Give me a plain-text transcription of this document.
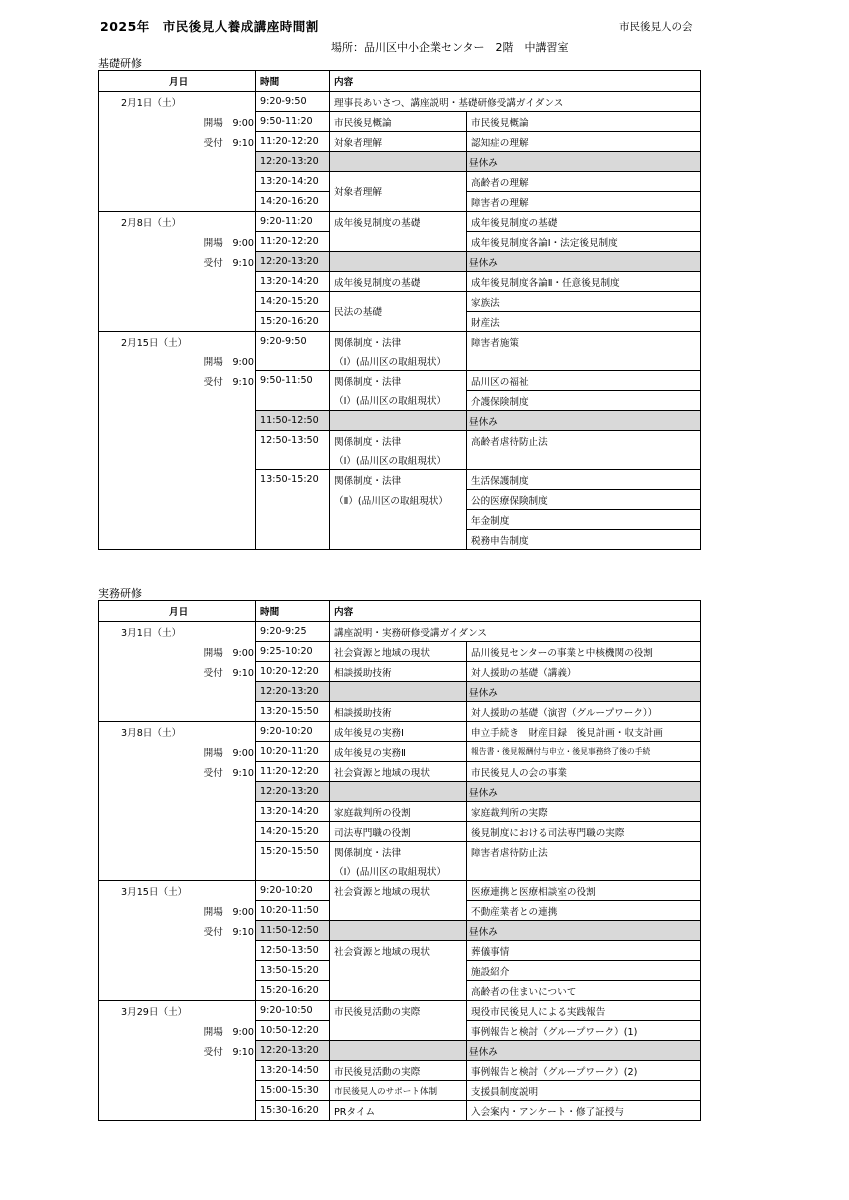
2025年　市民後見人養成講座時間割	市民後見人の会
場所：品川区中小企業センター　2階　中講習室
基礎研修
月日	時間	内容	
2月1日（土）	9:20-9:50	理事長あいさつ、講座説明・基礎研修受講ガイダンス	
開場　9:00	9:50-11:20	市民後見概論	市民後見概論
受付　9:10	11:20-12:20	対象者理解	認知症の理解
	12:20-13:20		昼休み
	13:20-14:20		高齢者の理解
	14:20-16:20	対象者理解	障害者の理解
2月8日（土）	9:20-11:20	成年後見制度の基礎	成年後見制度の基礎
開場　9:00	11:20-12:20		成年後見制度各論Ⅰ・法定後見制度
受付　9:10	12:20-13:20		昼休み
	13:20-14:20	成年後見制度の基礎	成年後見制度各論Ⅱ・任意後見制度
	14:20-15:20		家族法
	15:20-16:20	民法の基礎	財産法
2月15日（土）	9:20-9:50	関係制度・法律	障害者施策
開場　9:00		（Ⅰ）(品川区の取組現状）	
受付　9:10	9:50-11:50	関係制度・法律	品川区の福祉
		（Ⅰ）(品川区の取組現状）	介護保険制度
	11:50-12:50		昼休み
	12:50-13:50	関係制度・法律	高齢者虐待防止法
		（Ⅰ）(品川区の取組現状）	
	13:50-15:20	関係制度・法律	生活保護制度
		（Ⅱ）(品川区の取組現状）	公的医療保険制度
			年金制度
			税務申告制度
実務研修
月日	時間	内容	
3月1日（土）	9:20-9:25	講座説明・実務研修受講ガイダンス	
開場　9:00	9:25-10:20	社会資源と地域の現状	品川後見センターの事業と中核機関の役割
受付　9:10	10:20-12:20	相談援助技術	対人援助の基礎（講義）
	12:20-13:20		昼休み
	13:20-15:50	相談援助技術	対人援助の基礎（演習（グループワーク））
3月8日（土）	9:20-10:20	成年後見の実務Ⅰ	申立手続き　財産目録　後見計画・収支計画
開場　9:00	10:20-11:20	成年後見の実務Ⅱ	報告書・後見報酬付与申立・後見事務終了後の手続
受付　9:10	11:20-12:20	社会資源と地域の現状	市民後見人の会の事業
	12:20-13:20		昼休み
	13:20-14:20	家庭裁判所の役割	家庭裁判所の実際
	14:20-15:20	司法専門職の役割	後見制度における司法専門職の実際
	15:20-15:50	関係制度・法律	障害者虐待防止法
		（Ⅰ）(品川区の取組現状）	
3月15日（土）	9:20-10:20	社会資源と地域の現状	医療連携と医療相談室の役割
開場　9:00	10:20-11:50		不動産業者との連携
受付　9:10	11:50-12:50		昼休み
	12:50-13:50	社会資源と地域の現状	葬儀事情
	13:50-15:20		施設紹介
	15:20-16:20		高齢者の住まいについて
3月29日（土）	9:20-10:50	市民後見活動の実際	現役市民後見人による実践報告
開場　9:00	10:50-12:20		事例報告と検討（グループワーク）(1)
受付　9:10	12:20-13:20		昼休み
	13:20-14:50	市民後見活動の実際	事例報告と検討（グループワーク）(2)
	15:00-15:30	市民後見人のサポート体制	支援員制度説明
	15:30-16:20	PRタイム	入会案内・アンケート・修了証授与
